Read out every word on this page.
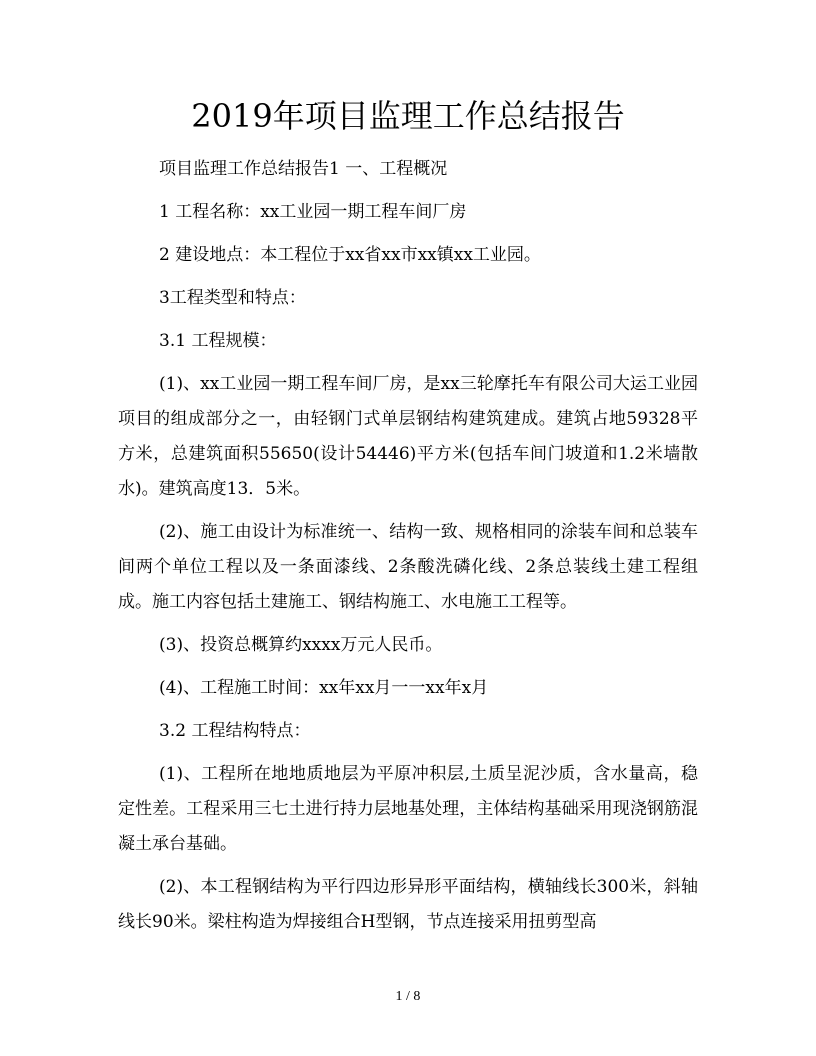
2019年项目监理工作总结报告

项目监理工作总结报告1 一、工程概况

1 工程名称：xx工业园一期工程车间厂房

2 建设地点：本工程位于xx省xx市xx镇xx工业园。

3工程类型和特点：

3.1 工程规模：

(1)、xx工业园一期工程车间厂房，是xx三轮摩托车有限公司大运工业园项目的组成部分之一，由轻钢门式单层钢结构建筑建成。建筑占地59328平方米，总建筑面积55650(设计54446)平方米(包括车间门坡道和1.2米墙散水)。建筑高度13．5米。

(2)、施工由设计为标准统一、结构一致、规格相同的涂装车间和总装车间两个单位工程以及一条面漆线、2条酸洗磷化线、2条总装线土建工程组成。施工内容包括土建施工、钢结构施工、水电施工工程等。

(3)、投资总概算约xxxx万元人民币。

(4)、工程施工时间：xx年xx月一一xx年x月

3.2 工程结构特点：

(1)、工程所在地地质地层为平原冲积层,土质呈泥沙质，含水量高，稳定性差。工程采用三七土进行持力层地基处理，主体结构基础采用现浇钢筋混凝土承台基础。

(2)、本工程钢结构为平行四边形异形平面结构，横轴线长300米，斜轴线长90米。梁柱构造为焊接组合H型钢，节点连接采用扭剪型高

1 / 8
